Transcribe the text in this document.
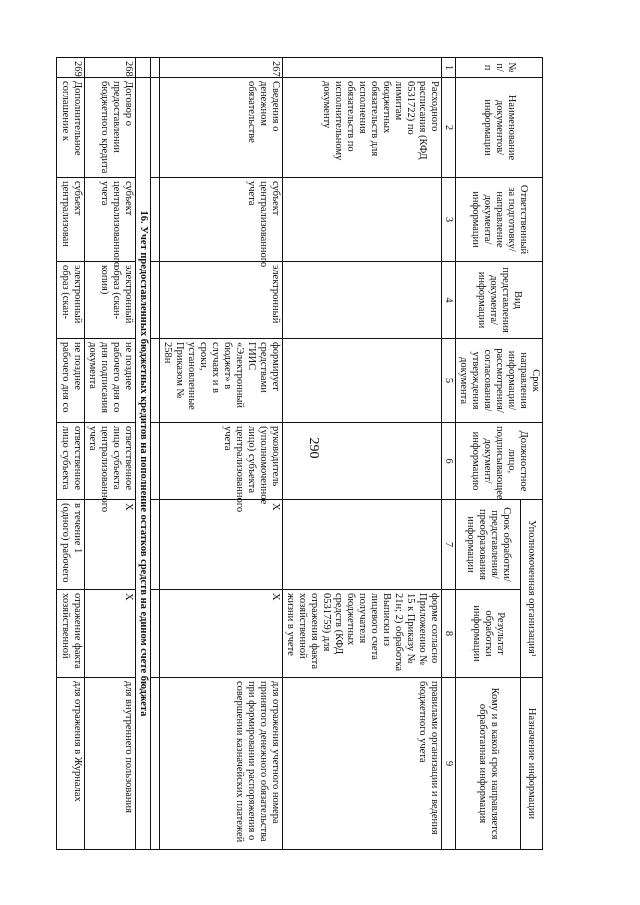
290
№ п/п	Наименование документов/ информации	Ответственный за подготовку/ направление документа/ информации	Вид представления документа/ информации	Срок направления информации/ рассмотрения/ согласования/ утверждения документа	Должностное лицо, подписывающее документ/ информацию	Уполномоченная организация¹		Назначение информации
						Срок обработки/ представления/ преобразования информации	Результат обработки информации	Кому и в какой срок направляется обработанная информация
1	2	3	4	5	6	7	8	9
	Расходного расписания (КФД 0531722) по лимитам бюджетных обязательств для исполнения обязательств по исполнительному документу						форме согласно Приложению № 15 к Приказу № 21н; 2) обработка Выписки из лицевого счета получателя бюджетных средств (КФД 0531759) для отражения факта хозяйственной жизни в учете	правилами организации и ведения бюджетного учета
267	Сведения о денежном обязательстве	субъект централизованного учета	электронный	формирует средствами ГИИС «Электронный бюджет» в случаях и в сроки, установленные Приказом № 258н	руководитель (уполномоченное лицо) субъекта централизованного учета	X	X	для отражения учетного номера принятого денежного обязательства при формировании распоряжения о совершении казначейских платежей

	16. Учет предоставленных бюджетных кредитов на пополнение остатков средств на едином счете бюджета							
268	Договор о предоставлении бюджетного кредита	субъект централизованного учета	электронный образ (скан-копия)	не позднее рабочего дня со дня подписания документа	ответственное лицо субъекта централизованного учета	X	X	для внутреннего пользования
269	Дополнительное соглашение к	субъект централизован	электронный образ (скан-	не позднее рабочего дня со	ответственное лицо субъекта	в течение 1 (одного) рабочего	отражение факта хозяйственной	для отражения в Журналах
